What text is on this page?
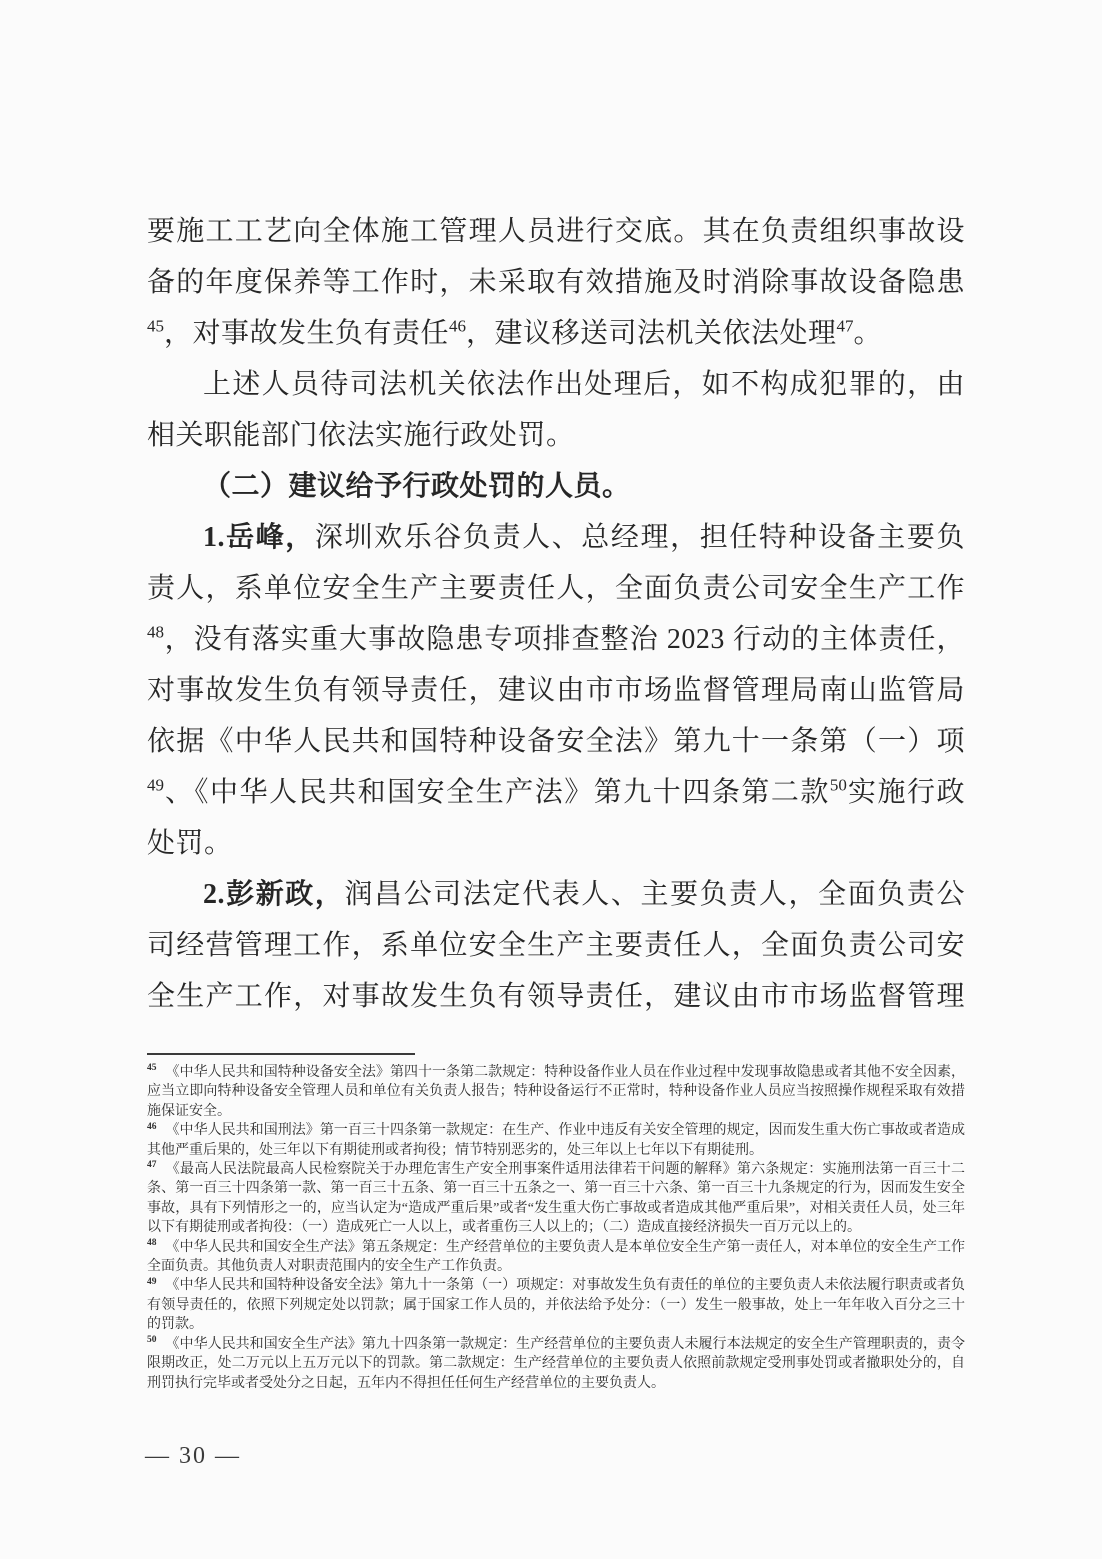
要施工工艺向全体施工管理人员进行交底。其在负责组织事故设
备的年度保养等工作时，未采取有效措施及时消除事故设备隐患
$^{45}$，对事故发生负有责任$^{46}$，建议移送司法机关依法处理$^{47}$。
上述人员待司法机关依法作出处理后，如不构成犯罪的，由
相关职能部门依法实施行政处罚。
（二）建议给予行政处罚的人员。
1.岳峰，深圳欢乐谷负责人、总经理，担任特种设备主要负
责人，系单位安全生产主要责任人，全面负责公司安全生产工作
$^{48}$，没有落实重大事故隐患专项排查整治 2023 行动的主体责任，
对事故发生负有领导责任，建议由市市场监督管理局南山监管局
依据《中华人民共和国特种设备安全法》第九十一条第（一）项
$^{49}$、《中华人民共和国安全生产法》第九十四条第二款$^{50}$实施行政
处罚。
2.彭新政，润昌公司法定代表人、主要负责人，全面负责公
司经营管理工作，系单位安全生产主要责任人，全面负责公司安
全生产工作，对事故发生负有领导责任，建议由市市场监督管理
$^{45}$ 《中华人民共和国特种设备安全法》第四十一条第二款规定：特种设备作业人员在作业过程中发现事故隐患或者其他不安全因素，应当立即向特种设备安全管理人员和单位有关负责人报告；特种设备运行不正常时，特种设备作业人员应当按照操作规程采取有效措施保证安全。
$^{46}$ 《中华人民共和国刑法》第一百三十四条第一款规定：在生产、作业中违反有关安全管理的规定，因而发生重大伤亡事故或者造成其他严重后果的，处三年以下有期徒刑或者拘役；情节特别恶劣的，处三年以上七年以下有期徒刑。
$^{47}$ 《最高人民法院最高人民检察院关于办理危害生产安全刑事案件适用法律若干问题的解释》第六条规定：实施刑法第一百三十二条、第一百三十四条第一款、第一百三十五条、第一百三十五条之一、第一百三十六条、第一百三十九条规定的行为，因而发生安全事故，具有下列情形之一的，应当认定为“造成严重后果”或者“发生重大伤亡事故或者造成其他严重后果”，对相关责任人员，处三年以下有期徒刑或者拘役：（一）造成死亡一人以上，或者重伤三人以上的；（二）造成直接经济损失一百万元以上的。
$^{48}$ 《中华人民共和国安全生产法》第五条规定：生产经营单位的主要负责人是本单位安全生产第一责任人，对本单位的安全生产工作全面负责。其他负责人对职责范围内的安全生产工作负责。
$^{49}$ 《中华人民共和国特种设备安全法》第九十一条第（一）项规定：对事故发生负有责任的单位的主要负责人未依法履行职责或者负有领导责任的，依照下列规定处以罚款；属于国家工作人员的，并依法给予处分：（一）发生一般事故，处上一年年收入百分之三十的罚款。
$^{50}$ 《中华人民共和国安全生产法》第九十四条第一款规定：生产经营单位的主要负责人未履行本法规定的安全生产管理职责的，责令限期改正，处二万元以上五万元以下的罚款。第二款规定：生产经营单位的主要负责人依照前款规定受刑事处罚或者撤职处分的，自刑罚执行完毕或者受处分之日起，五年内不得担任任何生产经营单位的主要负责人。
— 30 —
